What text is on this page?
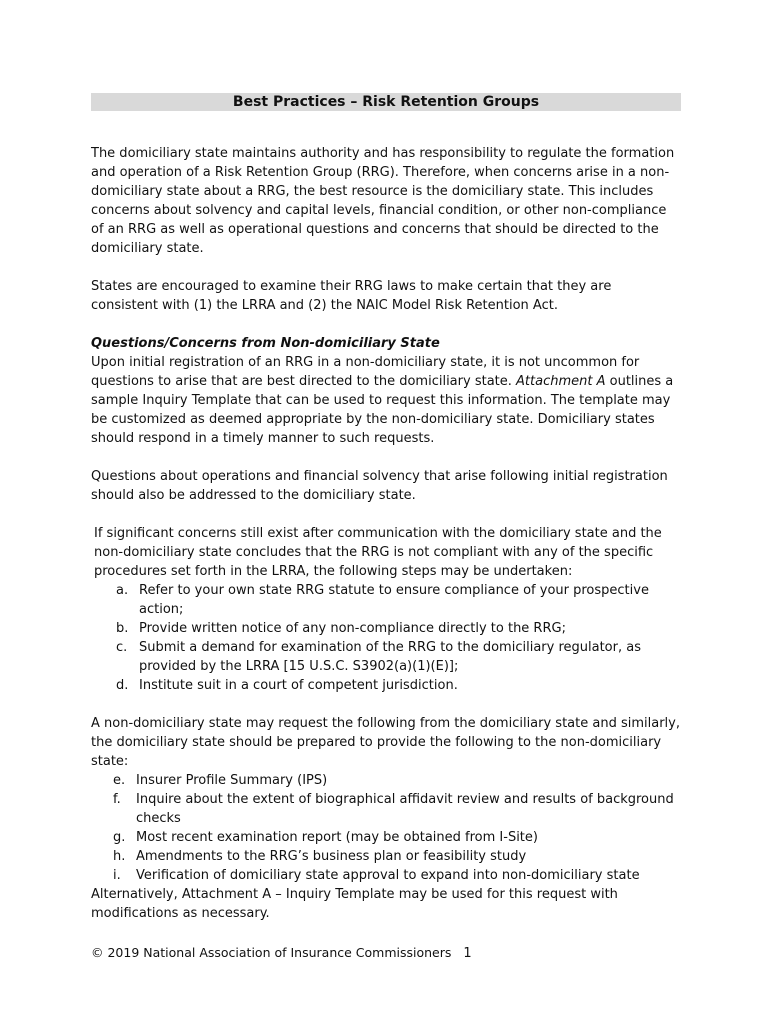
Best Practices – Risk Retention Groups

The domiciliary state maintains authority and has responsibility to regulate the formation and operation of a Risk Retention Group (RRG). Therefore, when concerns arise in a non-domiciliary state about a RRG, the best resource is the domiciliary state. This includes concerns about solvency and capital levels, financial condition, or other non-compliance of an RRG as well as operational questions and concerns that should be directed to the domiciliary state.

States are encouraged to examine their RRG laws to make certain that they are consistent with (1) the LRRA and (2) the NAIC Model Risk Retention Act.

Questions/Concerns from Non-domiciliary State

Upon initial registration of an RRG in a non-domiciliary state, it is not uncommon for questions to arise that are best directed to the domiciliary state. Attachment A outlines a sample Inquiry Template that can be used to request this information. The template may be customized as deemed appropriate by the non-domiciliary state. Domiciliary states should respond in a timely manner to such requests.

Questions about operations and financial solvency that arise following initial registration should also be addressed to the domiciliary state.

If significant concerns still exist after communication with the domiciliary state and the non-domiciliary state concludes that the RRG is not compliant with any of the specific procedures set forth in the LRRA, the following steps may be undertaken:
a. Refer to your own state RRG statute to ensure compliance of your prospective action;
b. Provide written notice of any non-compliance directly to the RRG;
c. Submit a demand for examination of the RRG to the domiciliary regulator, as provided by the LRRA [15 U.S.C. S3902(a)(1)(E)];
d. Institute suit in a court of competent jurisdiction.
A non-domiciliary state may request the following from the domiciliary state and similarly, the domiciliary state should be prepared to provide the following to the non-domiciliary state:
e. Insurer Profile Summary (IPS)
f. Inquire about the extent of biographical affidavit review and results of background checks
g. Most recent examination report (may be obtained from I-Site)
h. Amendments to the RRG’s business plan or feasibility study
i. Verification of domiciliary state approval to expand into non-domiciliary state
Alternatively, Attachment A – Inquiry Template may be used for this request with modifications as necessary.
© 2019 National Association of Insurance Commissioners 1
